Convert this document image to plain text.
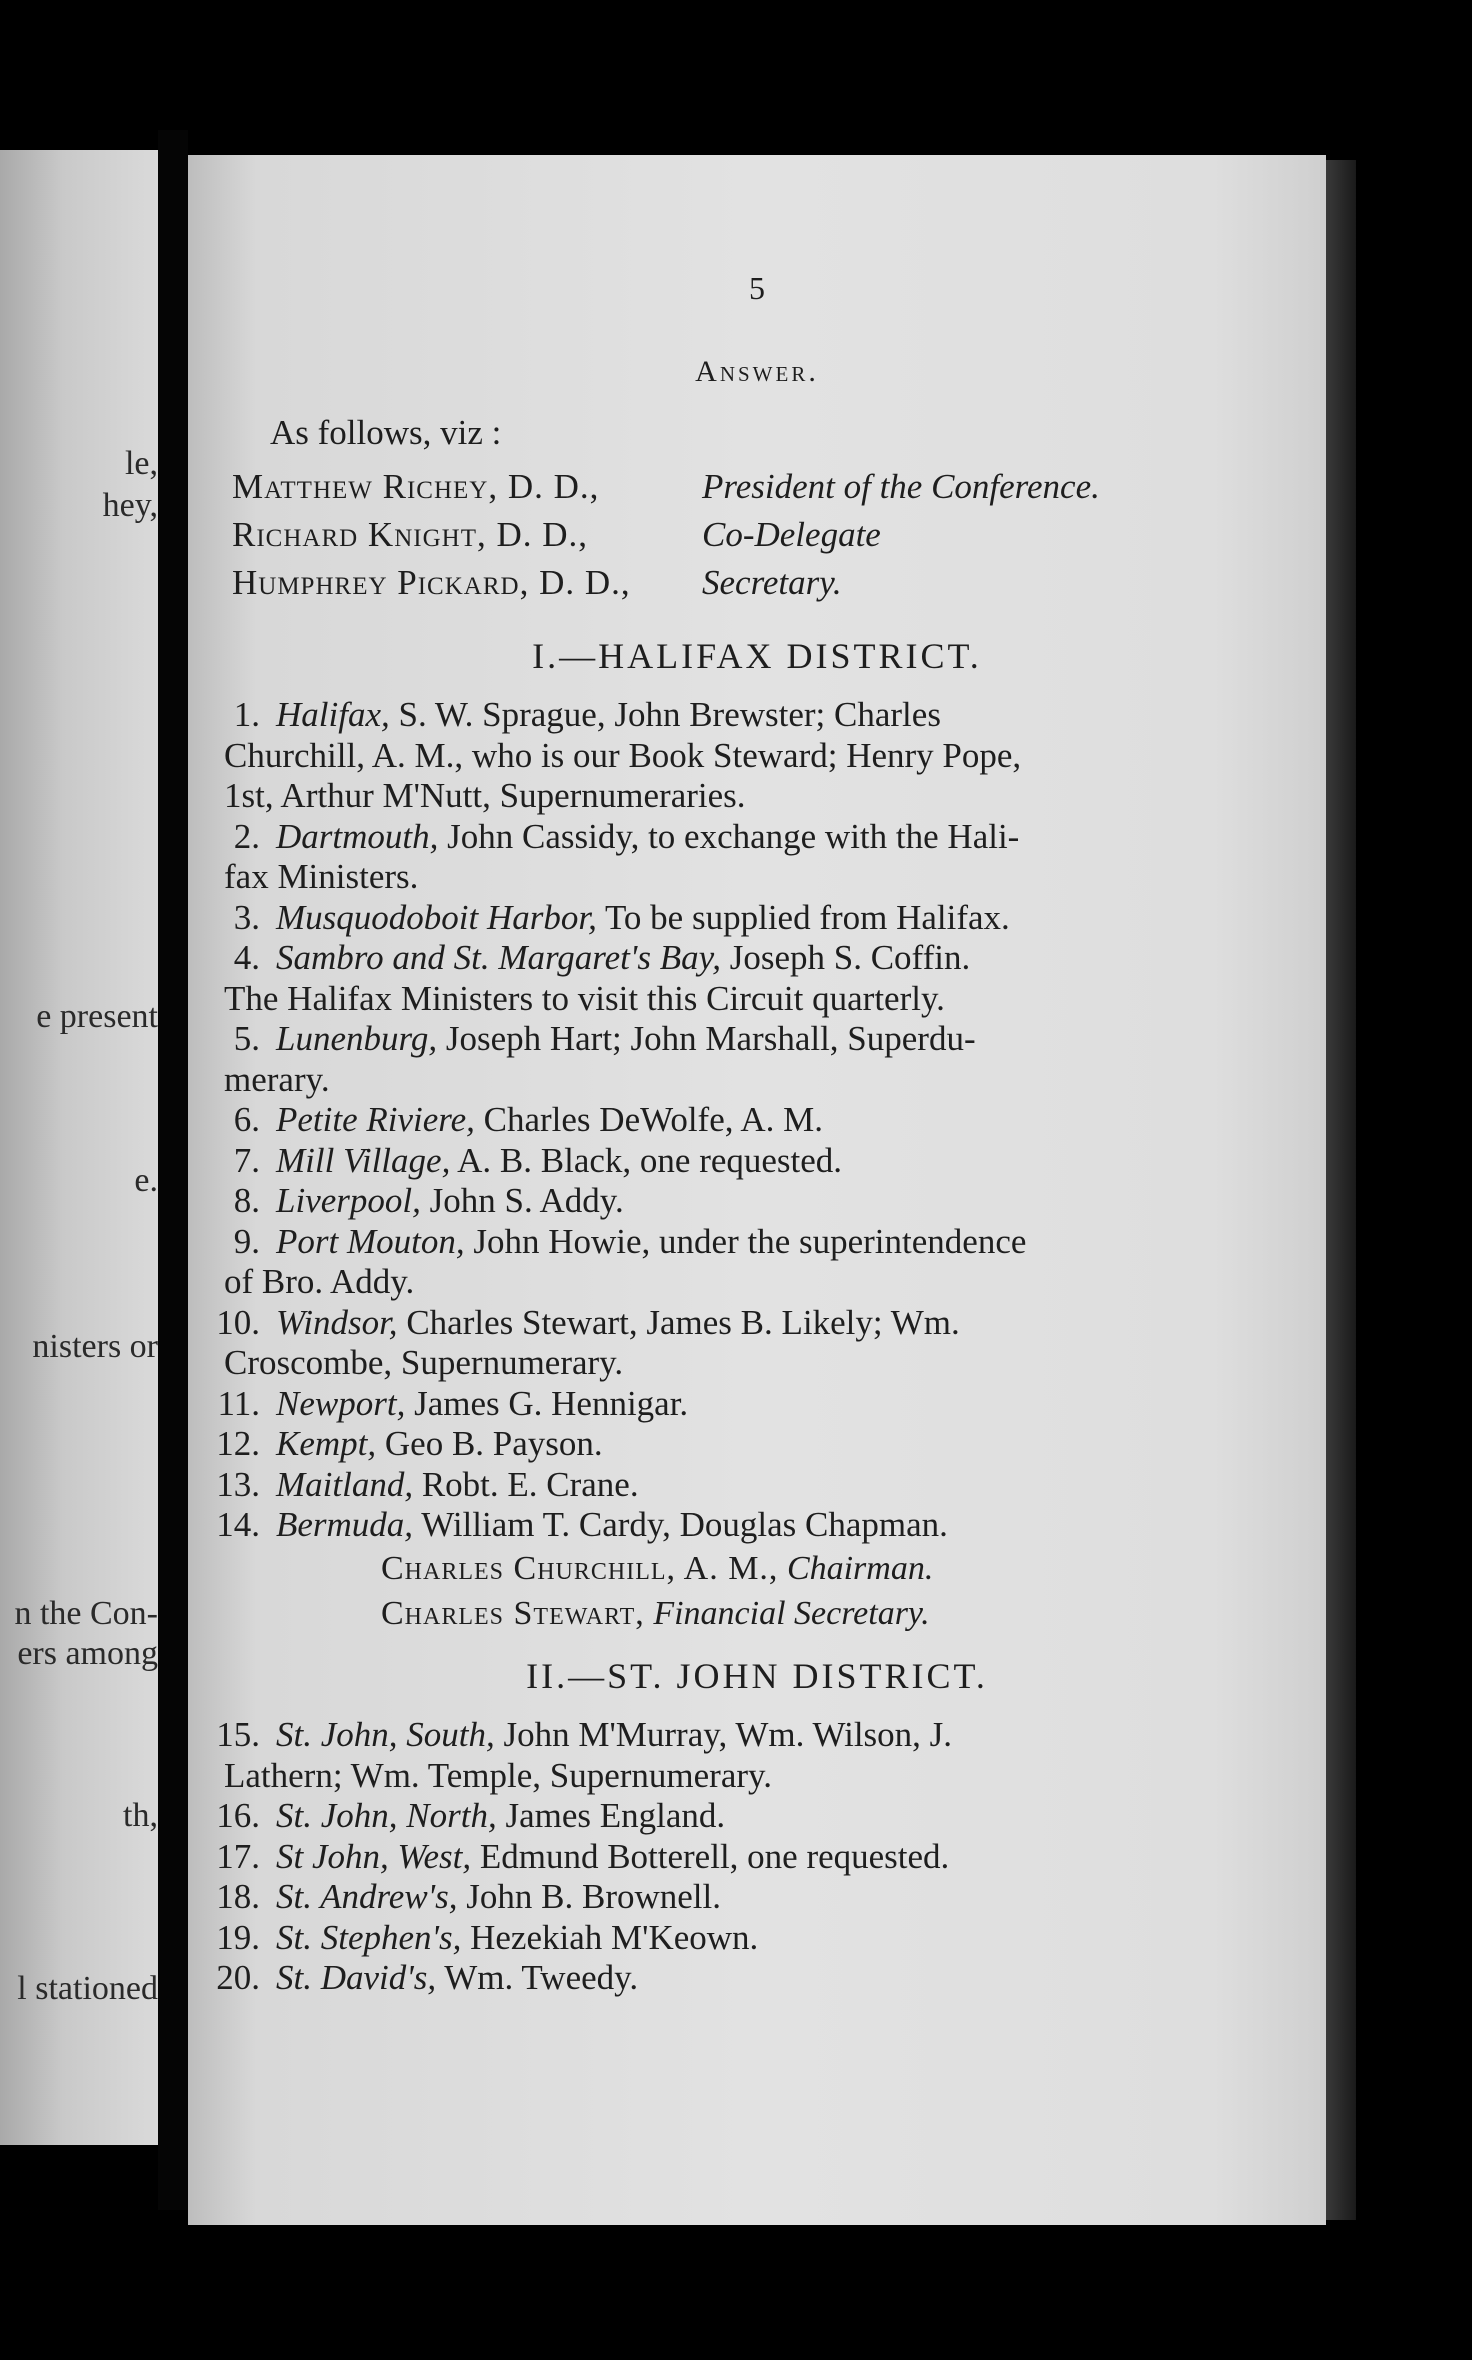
le,
hey,
e present
e.
nisters or
n the Con-
ers among
th,
l stationed
5
Answer.
As follows, viz :
Matthew Richey, D. D.,	President of the Conference.
Richard Knight, D. D.,	Co-Delegate
Humphrey Pickard, D. D., Secretary.
I.—HALIFAX DISTRICT.
1. Halifax, S. W. Sprague, John Brewster; Charles
Churchill, A. M., who is our Book Steward; Henry Pope,
1st, Arthur M'Nutt, Supernumeraries.
2. Dartmouth, John Cassidy, to exchange with the Hali-
fax Ministers.
3. Musquodoboit Harbor, To be supplied from Halifax.
4. Sambro and St. Margaret's Bay, Joseph S. Coffin.
The Halifax Ministers to visit this Circuit quarterly.
5. Lunenburg, Joseph Hart; John Marshall, Superdu-
merary.
6. Petite Riviere, Charles DeWolfe, A. M.
7. Mill Village, A. B. Black, one requested.
8. Liverpool, John S. Addy.
9. Port Mouton, John Howie, under the superintendence
of Bro. Addy.
10. Windsor, Charles Stewart, James B. Likely; Wm.
Croscombe, Supernumerary.
11. Newport, James G. Hennigar.
12. Kempt, Geo B. Payson.
13. Maitland, Robt. E. Crane.
14. Bermuda, William T. Cardy, Douglas Chapman.
Charles Churchill, A. M., Chairman.
Charles Stewart, Financial Secretary.
II.—ST. JOHN DISTRICT.
15. St. John, South, John M'Murray, Wm. Wilson, J.
Lathern; Wm. Temple, Supernumerary.
16. St. John, North, James England.
17. St John, West, Edmund Botterell, one requested.
18. St. Andrew's, John B. Brownell.
19. St. Stephen's, Hezekiah M'Keown.
20. St. David's, Wm. Tweedy.
